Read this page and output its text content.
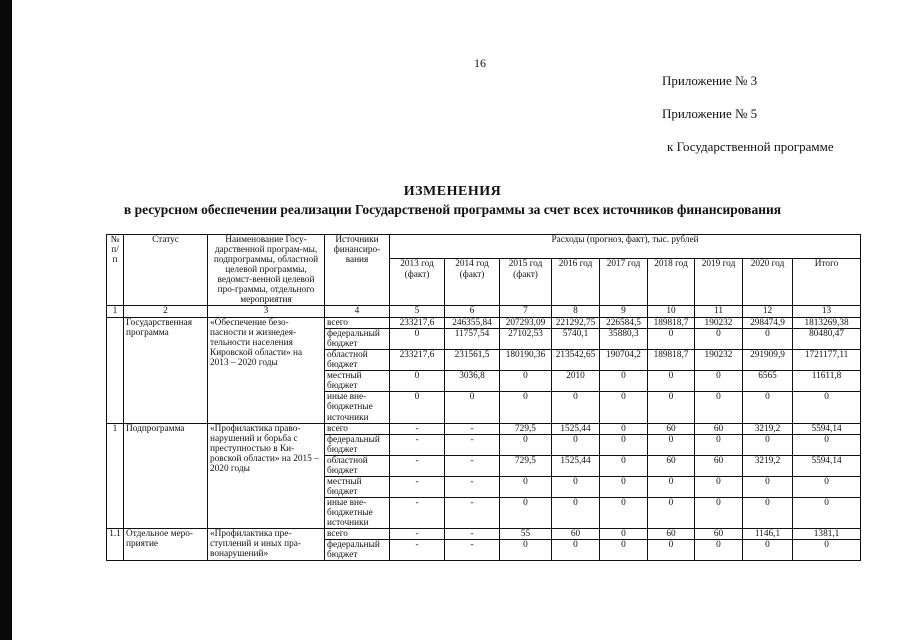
16
Приложение № 3
Приложение № 5
к Государственной программе
ИЗМЕНЕНИЯ
в ресурсном обеспечении реализации Государственой программы за счет всех источников финансирования
№ п/п	Статус	Наименование Госу-дарственной програм-мы, подпрограммы, областной целевой программы, ведомст-венной целевой про-граммы, отдельного мероприятия	Источники финансиро-вания	Расходы (прогноз, факт), тыс. рублей								
				2013 год (факт)	2014 год (факт)	2015 год (факт)	2016 год	2017 год	2018 год	2019 год	2020 год	Итого
1	2	3	4	5	6	7	8	9	10	11	12	13
	Государственная программа	«Обеспечение безо-пасности и жизнедея-тельности населения Кировской области» на 2013 – 2020 годы	всего	233217,6	246355,84	207293,09	221292,75	226584,5	189818,7	190232	298474,9	1813269,38
			федеральный бюджет	0	11757,54	27102,53	5740,1	35880,3	0	0	0	80480,47
			областной бюджет	233217,6	231561,5	180190,36	213542,65	190704,2	189818,7	190232	291909,9	1721177,11
			местный бюджет	0	3036,8	0	2010	0	0	0	6565	11611,8
			иные вне-бюджетные источники	0	0	0	0	0	0	0	0	0
1	Подпрограмма	«Профилактика право-нарушений и борьба с преступностью в Ки-ровской области» на 2015 – 2020 годы	всего	-	-	729,5	1525,44	0	60	60	3219,2	5594,14
			федеральный бюджет	-	-	0	0	0	0	0	0	0
			областной бюджет	-	-	729,5	1525,44	0	60	60	3219,2	5594,14
			местный бюджет	-	-	0	0	0	0	0	0	0
			иные вне-бюджетные источники	-	-	0	0	0	0	0	0	0
1.1	Отдельное меро-приятие	«Профилактика пре-ступлений и иных пра-вонарушений»	всего	-	-	55	60	0	60	60	1146,1	1381,1
			федеральный бюджет	-	-	0	0	0	0	0	0	0
